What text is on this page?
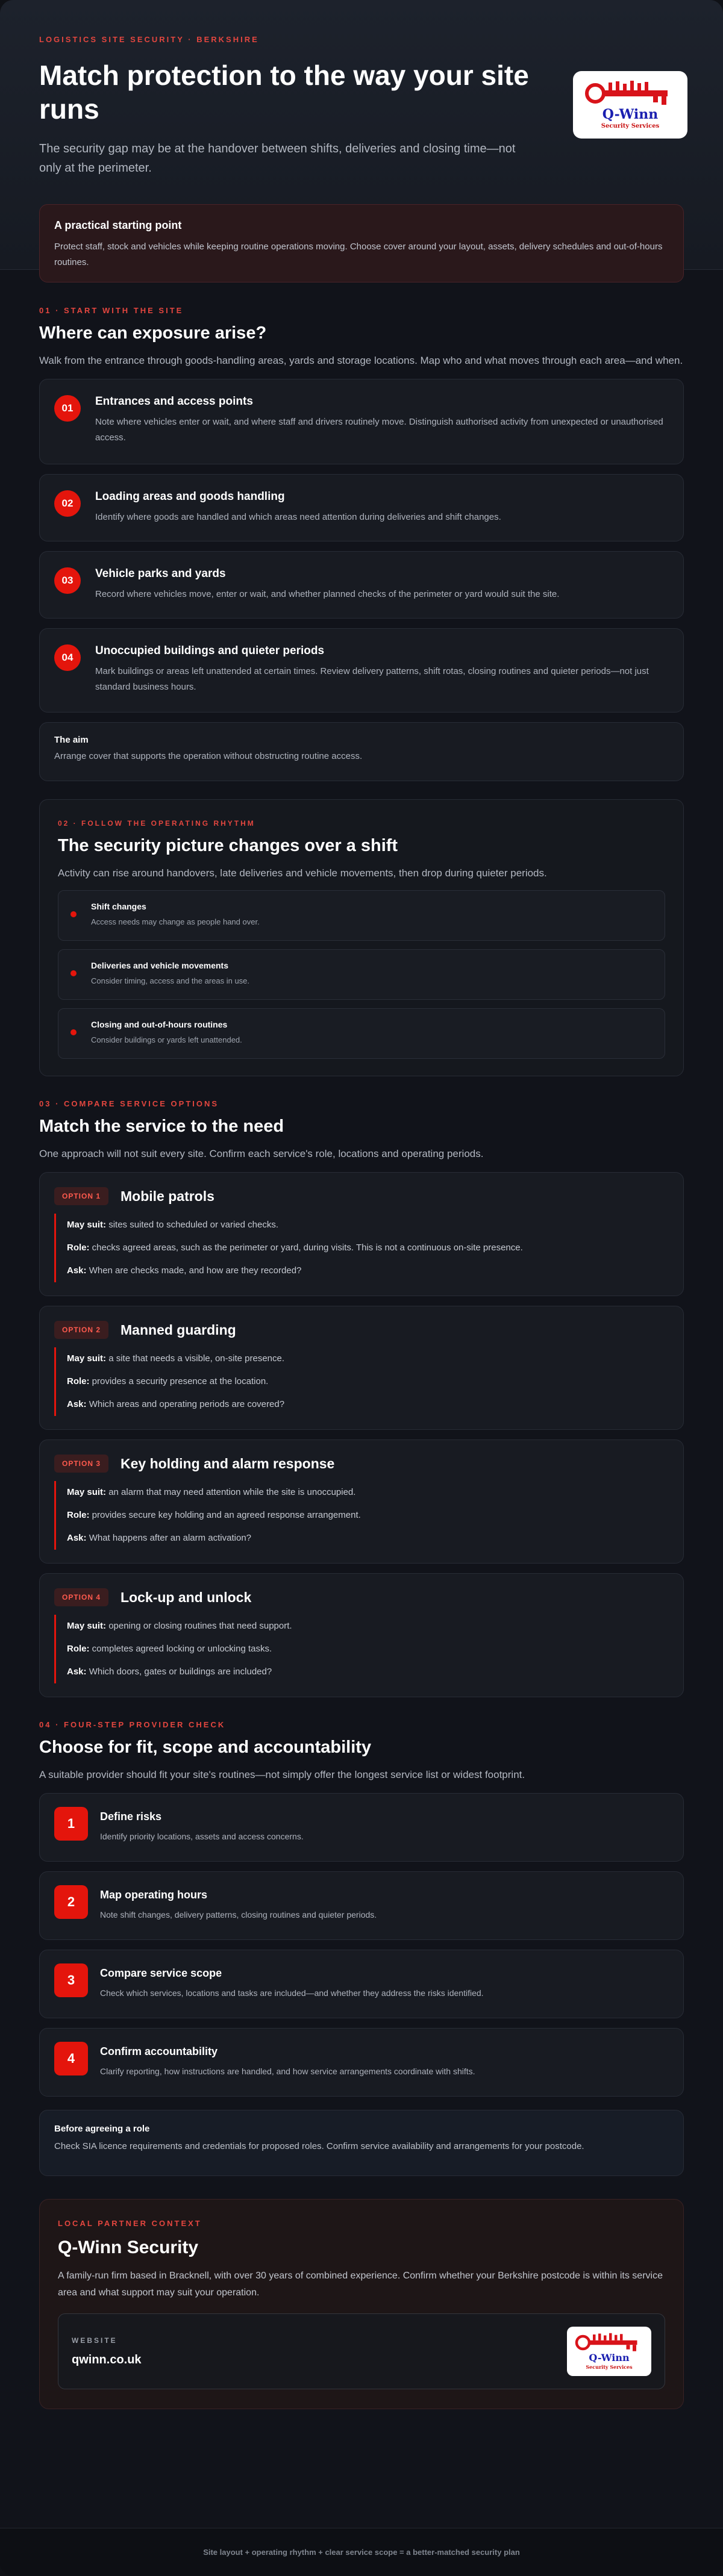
LOGISTICS SITE SECURITY · BERKSHIRE
Match protection to the way your site runs

The security gap may be at the handover between shifts, deliveries and closing time—not only at the perimeter.

Q-Winn
Security Services
A practical starting point

Protect staff, stock and vehicles while keeping routine operations moving. Choose cover around your layout, assets, delivery schedules and out-of-hours routines.

01 · START WITH THE SITE
Where can exposure arise?

Walk from the entrance through goods-handling areas, yards and storage locations. Map who and what moves through each area—and when.

01
Entrances and access points

Note where vehicles enter or wait, and where staff and drivers routinely move. Distinguish authorised activity from unexpected or unauthorised access.

02
Loading areas and goods handling

Identify where goods are handled and which areas need attention during deliveries and shift changes.

03
Vehicle parks and yards

Record where vehicles move, enter or wait, and whether planned checks of the perimeter or yard would suit the site.

04
Unoccupied buildings and quieter periods

Mark buildings or areas left unattended at certain times. Review delivery patterns, shift rotas, closing routines and quieter periods—not just standard business hours.

The aim

Arrange cover that supports the operation without obstructing routine access.

02 · FOLLOW THE OPERATING RHYTHM
The security picture changes over a shift

Activity can rise around handovers, late deliveries and vehicle movements, then drop during quieter periods.

Shift changes

Access needs may change as people hand over.

Deliveries and vehicle movements

Consider timing, access and the areas in use.

Closing and out-of-hours routines

Consider buildings or yards left unattended.

03 · COMPARE SERVICE OPTIONS
Match the service to the need

One approach will not suit every site. Confirm each service's role, locations and operating periods.

OPTION 1	Mobile patrols
May suit: sites suited to scheduled or varied checks.
Role: checks agreed areas, such as the perimeter or yard, during visits. This is not a continuous on-site presence.
Ask: When are checks made, and how are they recorded?
OPTION 2	Manned guarding
May suit: a site that needs a visible, on-site presence.
Role: provides a security presence at the location.
Ask: Which areas and operating periods are covered?
OPTION 3	Key holding and alarm response
May suit: an alarm that may need attention while the site is unoccupied.
Role: provides secure key holding and an agreed response arrangement.
Ask: What happens after an alarm activation?
OPTION 4	Lock-up and unlock
May suit: opening or closing routines that need support.
Role: completes agreed locking or unlocking tasks.
Ask: Which doors, gates or buildings are included?
04 · FOUR-STEP PROVIDER CHECK
Choose for fit, scope and accountability

A suitable provider should fit your site's routines—not simply offer the longest service list or widest footprint.

1	Define risks

Identify priority locations, assets and access concerns.

2	Map operating hours

Note shift changes, delivery patterns, closing routines and quieter periods.

3	Compare service scope

Check which services, locations and tasks are included—and whether they address the risks identified.

4	Confirm accountability

Clarify reporting, how instructions are handled, and how service arrangements coordinate with shifts.

Before agreeing a role

Check SIA licence requirements and credentials for proposed roles. Confirm service availability and arrangements for your postcode.

LOCAL PARTNER CONTEXT
Q-Winn Security

A family-run firm based in Bracknell, with over 30 years of combined experience. Confirm whether your Berkshire postcode is within its service area and what support may suit your operation.

WEBSITE
qwinn.co.uk	Q-Winn
Security Services
Site layout + operating rhythm + clear service scope = a better-matched security plan
